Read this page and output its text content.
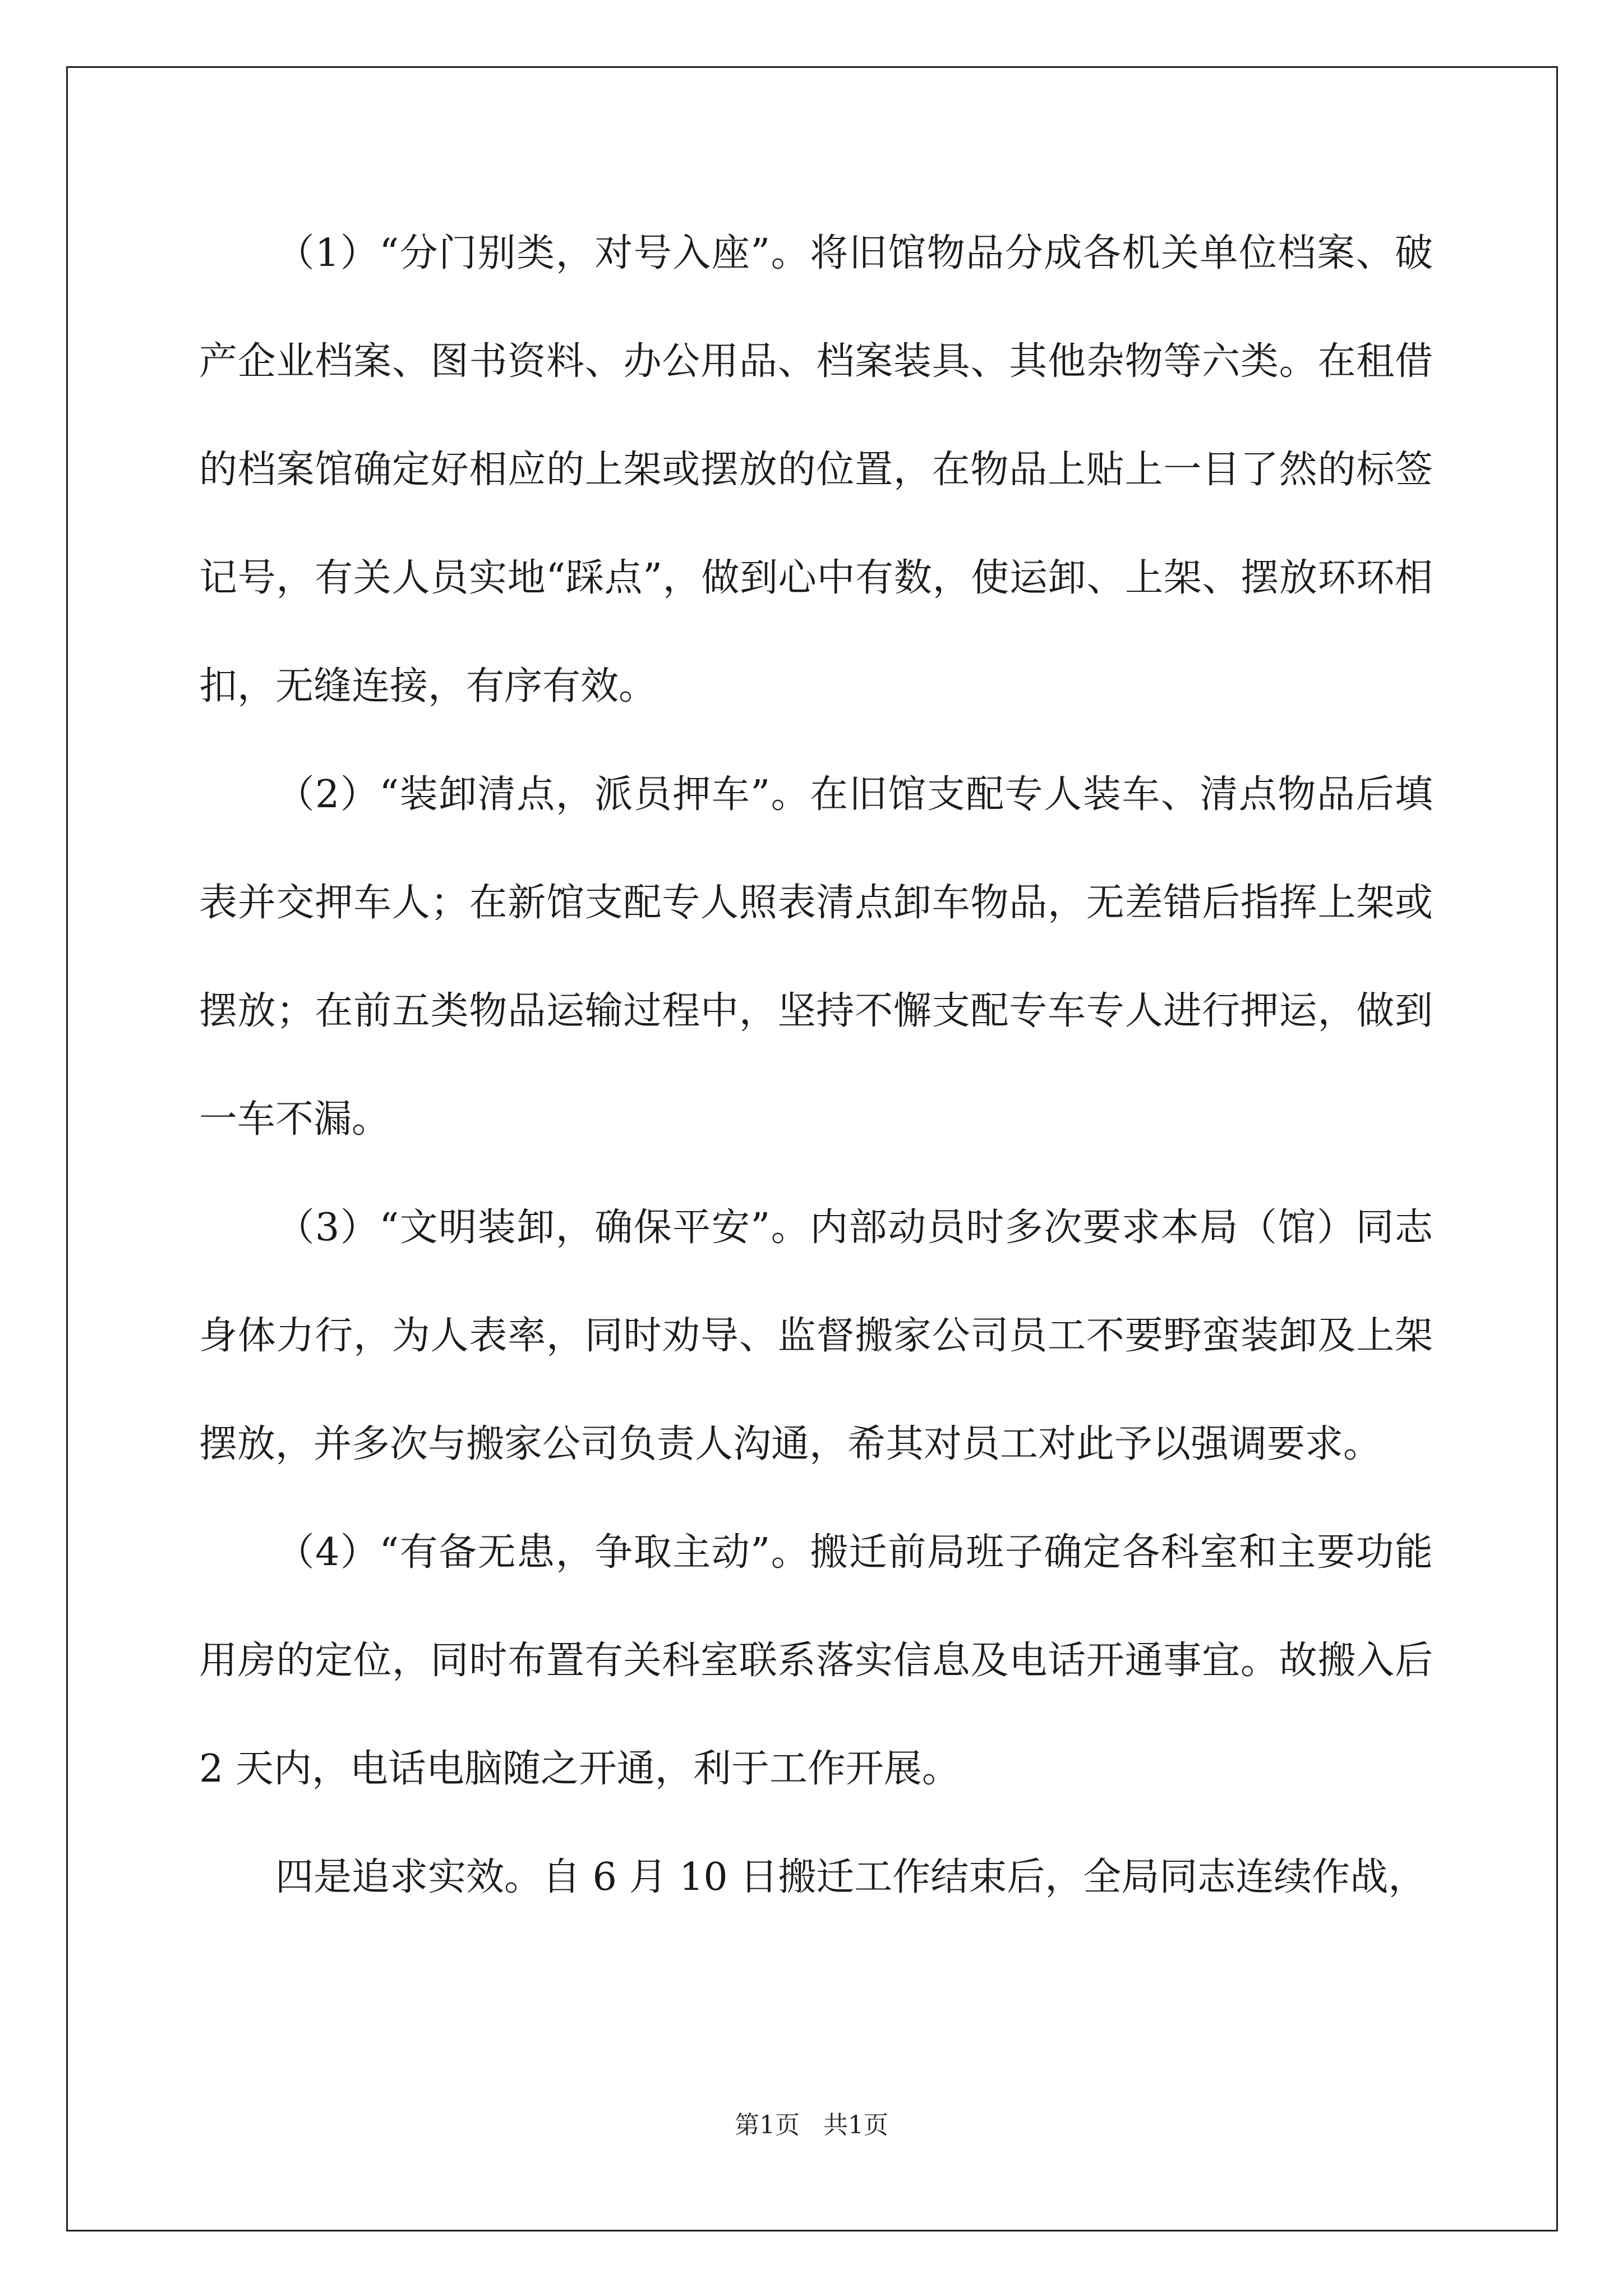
（1）“分门别类，对号入座”。将旧馆物品分成各机关单位档案、破产企业档案、图书资料、办公用品、档案装具、其他杂物等六类。在租借的档案馆确定好相应的上架或摆放的位置，在物品上贴上一目了然的标签记号，有关人员实地“踩点”，做到心中有数，使运卸、上架、摆放环环相扣，无缝连接，有序有效。

（2）“装卸清点，派员押车”。在旧馆支配专人装车、清点物品后填表并交押车人；在新馆支配专人照表清点卸车物品，无差错后指挥上架或摆放；在前五类物品运输过程中，坚持不懈支配专车专人进行押运，做到一车不漏。

（3）“文明装卸，确保平安”。内部动员时多次要求本局（馆）同志身体力行，为人表率，同时劝导、监督搬家公司员工不要野蛮装卸及上架摆放，并多次与搬家公司负责人沟通，希其对员工对此予以强调要求。

（4）“有备无患，争取主动”。搬迁前局班子确定各科室和主要功能用房的定位，同时布置有关科室联系落实信息及电话开通事宜。故搬入后 2 天内，电话电脑随之开通，利于工作开展。

四是追求实效。自 6 月 10 日搬迁工作结束后，全局同志连续作战，

第1页   共1页
